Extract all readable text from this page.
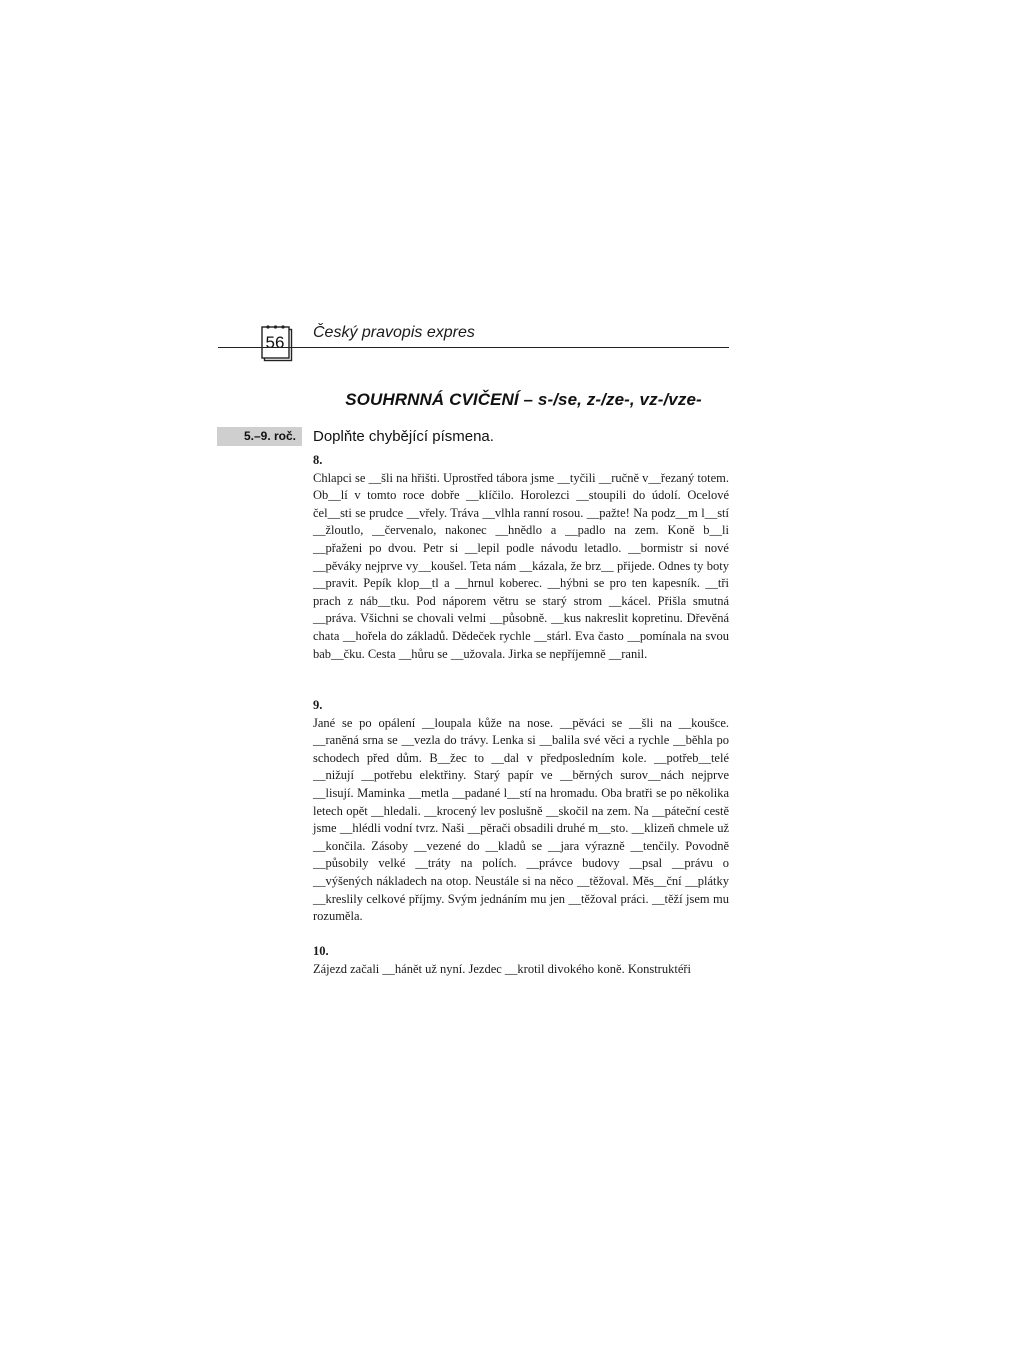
56
Český pravopis expres
SOUHRNNÁ CVIČENÍ – s-/se, z-/ze-, vz-/vze-
5.–9. roč.	Doplňte chybějící písmena.

8.

Chlapci se __šli na hřišti. Uprostřed tábora jsme __tyčili __ručně v__řezaný totem. Ob__lí v tomto roce dobře __klíčilo. Horolezci __stoupili do údolí. Ocelové čel__sti se prudce __vřely. Tráva __vlhla ranní rosou. __pažte! Na podz__m l__stí __žloutlo, __červenalo, nakonec __hnědlo a __padlo na zem. Koně b__li __přaženi po dvou. Petr si __lepil podle návodu letadlo. __bormistr si nové __pěváky nejprve vy__koušel. Teta nám __kázala, že brz__ přijede. Odnes ty boty __pravit. Pepík klop__tl a __hrnul koberec. __hýbni se pro ten kapesník. __tři prach z náb__tku. Pod náporem větru se starý strom __kácel. Přišla smutná __práva. Všichni se chovali velmi __působně. __kus nakreslit kopretinu. Dřevěná chata __hořela do základů. Dědeček rychle __stárl. Eva často __pomínala na svou bab__čku. Cesta __hůru se __užovala. Jirka se nepříjemně __ranil.

9.

Jané se po opálení __loupala kůže na nose. __pěváci se __šli na __koušce. __raněná srna se __vezla do trávy. Lenka si __balila své věci a rychle __běhla po schodech před dům. B__žec to __dal v předposledním kole. __potřeb__telé __nižují __potřebu elektřiny. Starý papír ve __běrných surov__nách nejprve __lisují. Maminka __metla __padané l__stí na hromadu. Oba bratři se po několika letech opět __hledali. __krocený lev poslušně __skočil na zem. Na __páteční cestě jsme __hlédli vodní tvrz. Naši __pěrači obsadili druhé m__sto. __klizeň chmele už __končila. Zásoby __vezené do __kladů se __jara výrazně __tenčily. Povodně __působily velké __tráty na polích. __právce budovy __psal __právu o __výšených nákladech na otop. Neustále si na něco __těžoval. Měs__ční __plátky __kreslily celkové příjmy. Svým jednáním mu jen __těžoval práci. __těží jsem mu rozuměla.

10.

Zájezd začali __hánět už nyní. Jezdec __krotil divokého koně. Konstruktéři
